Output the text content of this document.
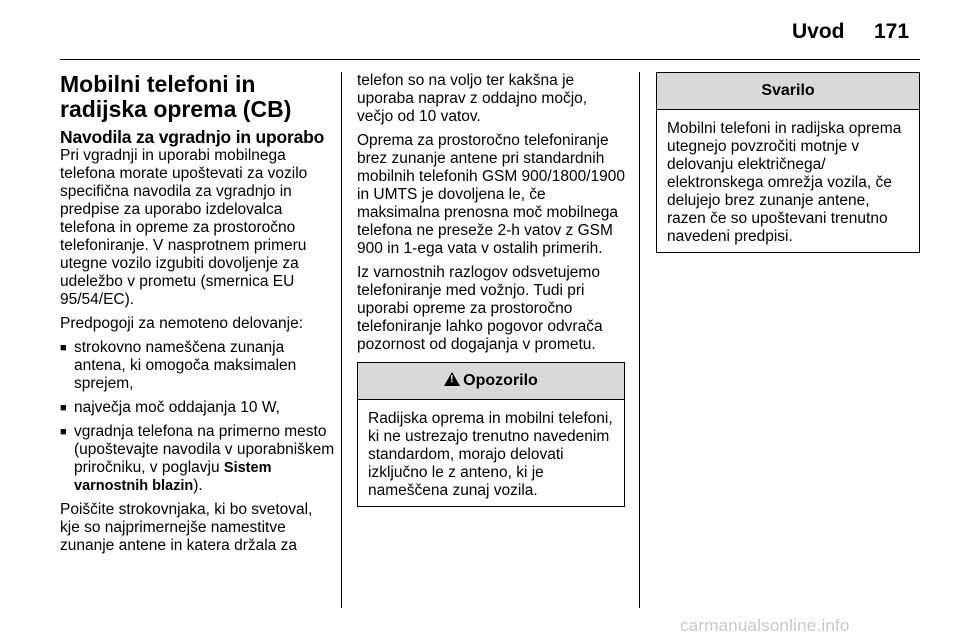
Uvod 171
Mobilni telefoni in radijska oprema (CB)
Navodila za vgradnjo in uporabo

Pri vgradnji in uporabi mobilnega telefona morate upoštevati za vozilo specifična navodila za vgradnjo in predpise za uporabo izdelovalca telefona in opreme za prostoročno telefoniranje. V nasprotnem primeru utegne vozilo izgubiti dovoljenje za udeležbo v prometu (smernica EU 95/54/EC).

Predpogoji za nemoteno delovanje:

■ strokovno nameščena zunanja antena, ki omogoča maksimalen sprejem,
■ največja moč oddajanja 10 W,
■ vgradnja telefona na primerno mesto (upoštevajte navodila v uporabniškem priročniku, v poglavju Sistem varnostnih blazin).

Poiščite strokovnjaka, ki bo svetoval, kje so najprimernejše namestitve zunanje antene in katera držala za

telefon so na voljo ter kakšna je uporaba naprav z oddajno močjo, večjo od 10 vatov.

Oprema za prostoročno telefoniranje brez zunanje antene pri standardnih mobilnih telefonih GSM 900/1800/1900 in UMTS je dovoljena le, če maksimalna prenosna moč mobilnega telefona ne preseže 2-h vatov z GSM 900 in 1-ega vata v ostalih primerih.

Iz varnostnih razlogov odsvetujemo telefoniranje med vožnjo. Tudi pri uporabi opreme za prostoročno telefoniranje lahko pogovor odvrača pozornost od dogajanja v prometu.

!Opozorilo

Radijska oprema in mobilni telefoni, ki ne ustrezajo trenutno navedenim standardom, morajo delovati izključno le z anteno, ki je nameščena zunaj vozila.

Svarilo

Mobilni telefoni in radijska oprema utegnejo povzročiti motnje v delovanju električnega/ elektronskega omrežja vozila, če delujejo brez zunanje antene, razen če so upoštevani trenutno navedeni predpisi.

carmanualsonline.info
